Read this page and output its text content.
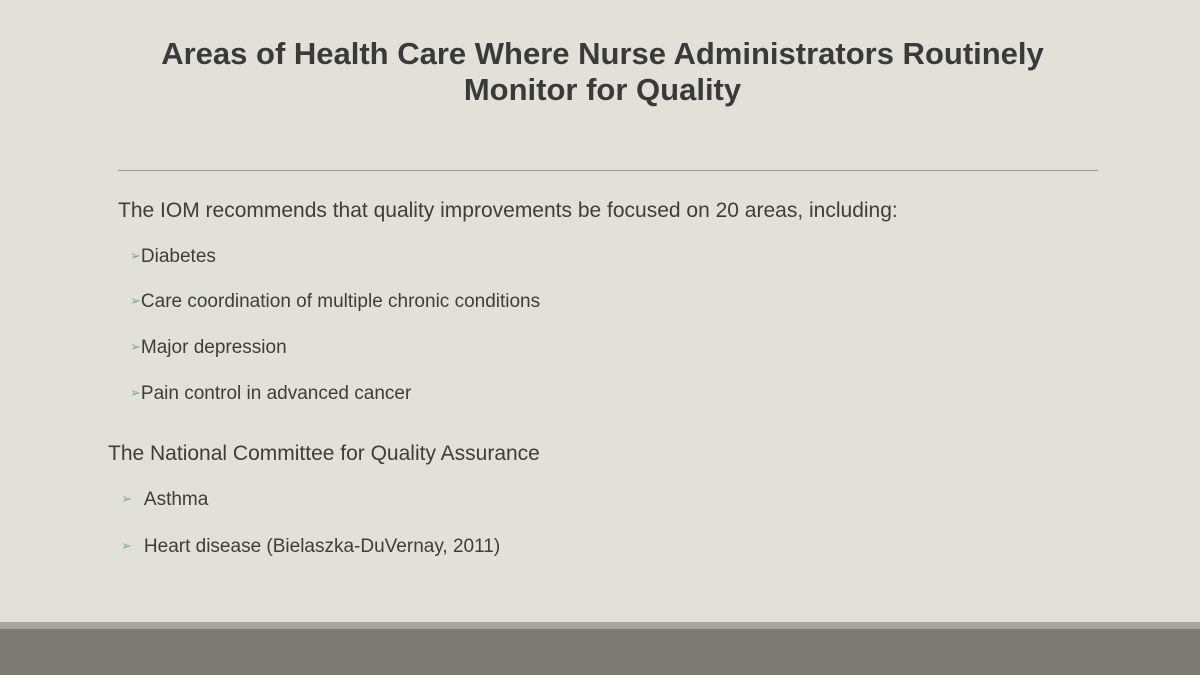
Areas of Health Care Where Nurse Administrators Routinely
Monitor for Quality
The IOM recommends that quality improvements be focused on 20 areas, including:
➢Diabetes
➢Care coordination of multiple chronic conditions
➢Major depression
➢Pain control in advanced cancer
The National Committee for Quality Assurance
➢ Asthma
➢ Heart disease (Bielaszka-DuVernay, 2011)
